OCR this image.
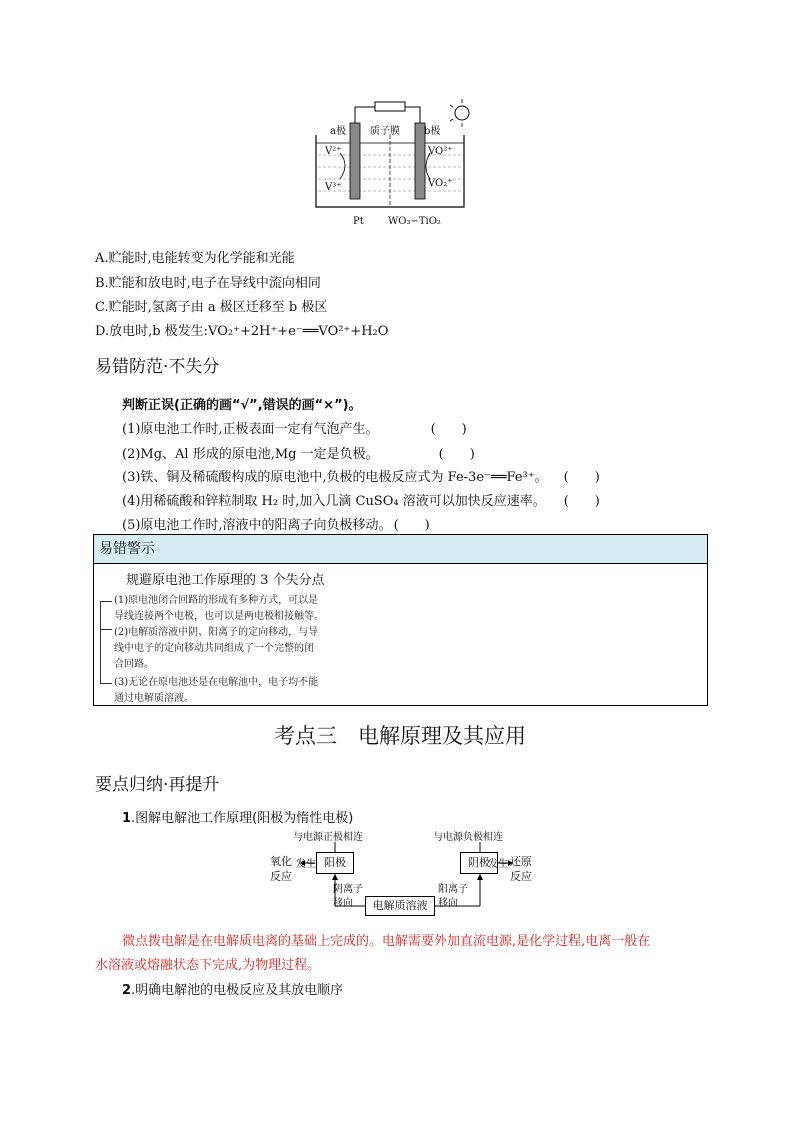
a极 质子膜 b极
V²⁺
V³⁺
VO²⁺
VO₂⁺
Pt WO₃−TiO₂
A.贮能时,电能转变为化学能和光能
B.贮能和放电时,电子在导线中流向相同
C.贮能时,氢离子由 a 极区迁移至 b 极区
D.放电时,b 极发生:VO₂⁺+2H⁺+e⁻══VO²⁺+H₂O
易错防范·不失分
判断正误(正确的画“√”,错误的画“×”)。
(1)原电池工作时,正极表面一定有气泡产生。	(　　)
(2)Mg、Al 形成的原电池,Mg 一定是负极。	(　　)
(3)铁、铜及稀硫酸构成的原电池中,负极的电极反应式为 Fe-3e⁻══Fe³⁺。 (　　)
(4)用稀硫酸和锌粒制取 H₂ 时,加入几滴 CuSO₄ 溶液可以加快反应速率。 (　　)
(5)原电池工作时,溶液中的阳离子向负极移动。 (　　)
易错警示
规避原电池工作原理的 3 个失分点
(1)原电池闭合回路的形成有多种方式，可以是
导线连接两个电极，也可以是两电极相接触等。
(2)电解质溶液中阴、阳离子的定向移动，与导
线中电子的定向移动共同组成了一个完整的闭
合回路。
(3)无论在原电池还是在电解池中，电子均不能
通过电解质溶液。
考点三　电解原理及其应用
要点归纳·再提升
1.图解电解池工作原理(阳极为惰性电极)
与电源正极相连	与电源负极相连
阳极	阴极
氧化
反应
发生	发生 还原
反应
阴离子
移向
阳离子
移向
电解质溶液
微点拨电解是在电解质电离的基础上完成的。电解需要外加直流电源,是化学过程,电离一般在
水溶液或熔融状态下完成,为物理过程。
2.明确电解池的电极反应及其放电顺序
